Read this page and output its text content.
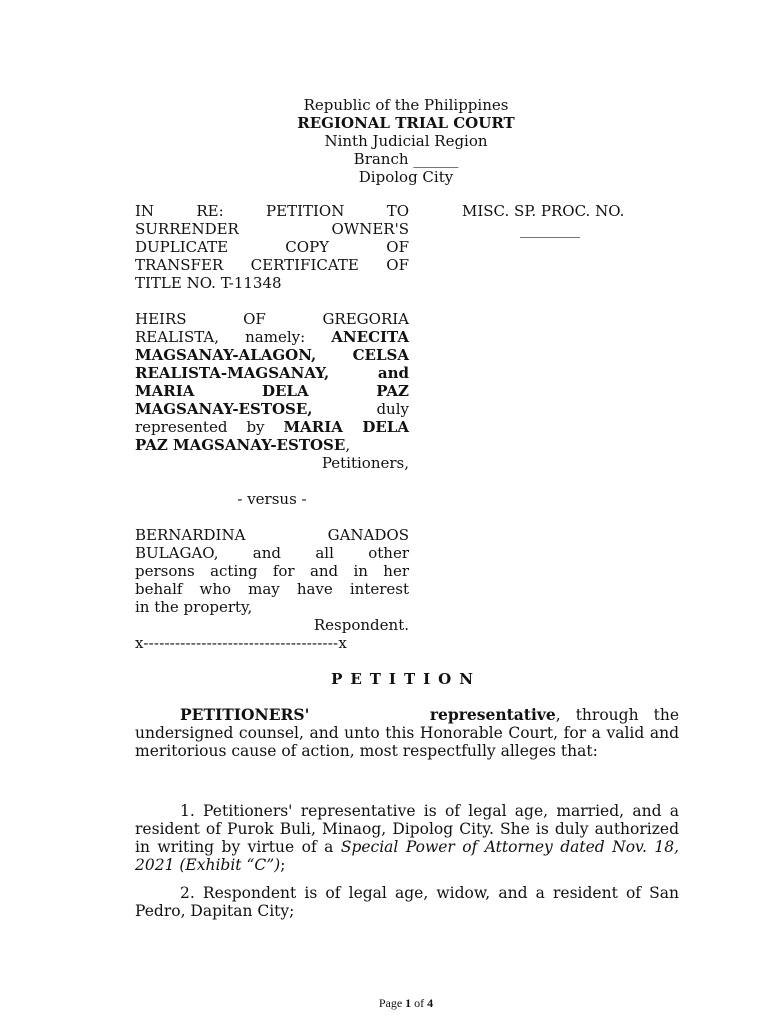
Republic of the Philippines
REGIONAL TRIAL COURT
Ninth Judicial Region
Branch ______
Dipolog City
IN RE: PETITION TO
SURRENDER OWNER'S
DUPLICATE COPY OF
TRANSFER CERTIFICATE OF
TITLE NO. T-11348
HEIRS OF GREGORIA
REALISTA, namely: ANECITA
MAGSANAY-ALAGON, CELSA
REALISTA-MAGSANAY,	and
MARIA DELA PAZ
MAGSANAY-ESTOSE,	duly
represented by MARIA DELA
PAZ MAGSANAY-ESTOSE,
Petitioners,
- versus -
BERNARDINA GANADOS
BULAGAO, and all other
persons acting for and in her
behalf who may have interest
in the property,
Respondent.
x-------------------------------------x
MISC. SP. PROC. NO.
________
PETITION
PETITIONERS'	representative, through the undersigned counsel, and unto this Honorable Court, for a valid and meritorious cause of action, most respectfully alleges that:
1. Petitioners' representative is of legal age, married, and a resident of Purok Buli, Minaog, Dipolog City. She is duly authorized in writing by virtue of a Special Power of Attorney dated Nov. 18, 2021 (Exhibit “C”);
2. Respondent is of legal age, widow, and a resident of San Pedro, Dapitan City;
Page 1 of 4
